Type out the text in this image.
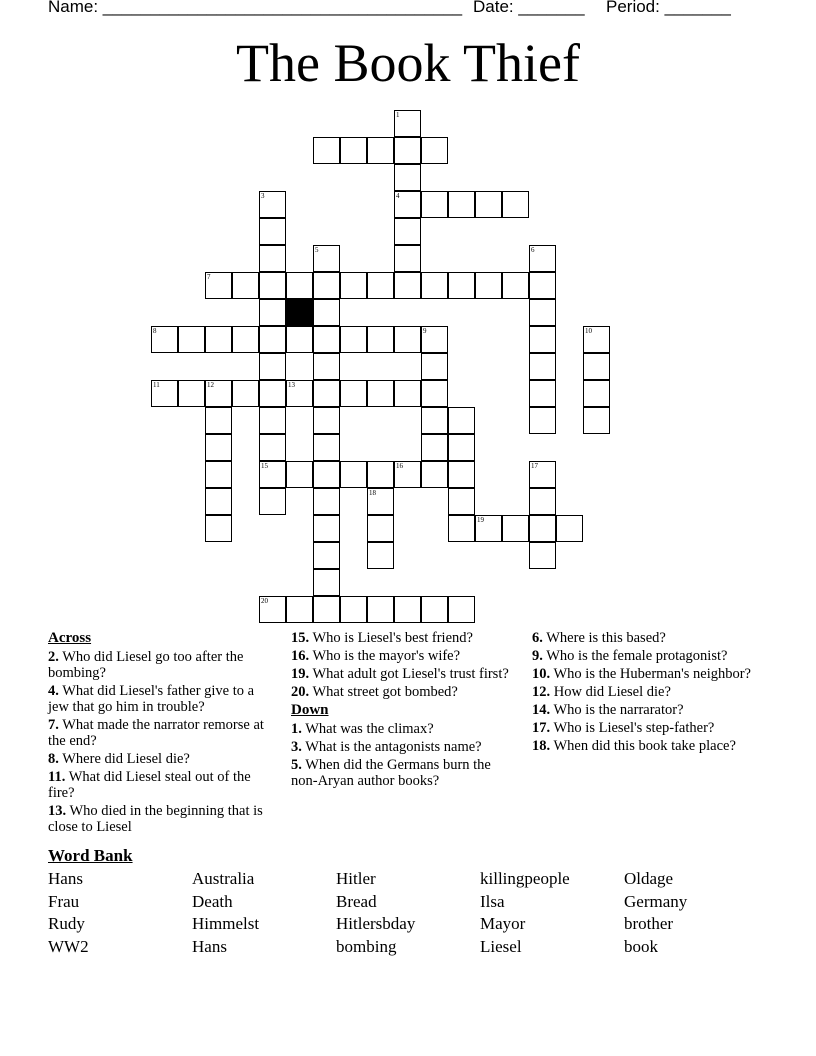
Name: ______________________________________ Date: _______ Period: _______
The Book Thief
1
4
3
15
7
5	6
8	9
11	12	13
10
16
18
19
17
20
Across
2. Who did Liesel go too after the bombing?
4. What did Liesel's father give to a jew that go him in trouble?
7. What made the narrator remorse at the end?
8. Where did Liesel die?
11. What did Liesel steal out of the fire?
13. Who died in the beginning that is close to Liesel
15. Who is Liesel's best friend?
16. Who is the mayor's wife?
19. What adult got Liesel's trust first?
20. What street got bombed?
Down
1. What was the climax?
3. What is the antagonists name?
5. When did the Germans burn the non-Aryan author books?
6. Where is this based?
9. Who is the female protagonist?
10. Who is the Huberman's neighbor?
12. How did Liesel die?
14. Who is the narrarator?
17. Who is Liesel's step-father?
18. When did this book take place?
Word Bank
Hans	Australia	Hitler	killingpeople	Oldage
Frau	Death	Bread	Ilsa	Germany
Rudy	Himmelst	Hitlersbday	Mayor	brother
WW2	Hans	bombing	Liesel	book
